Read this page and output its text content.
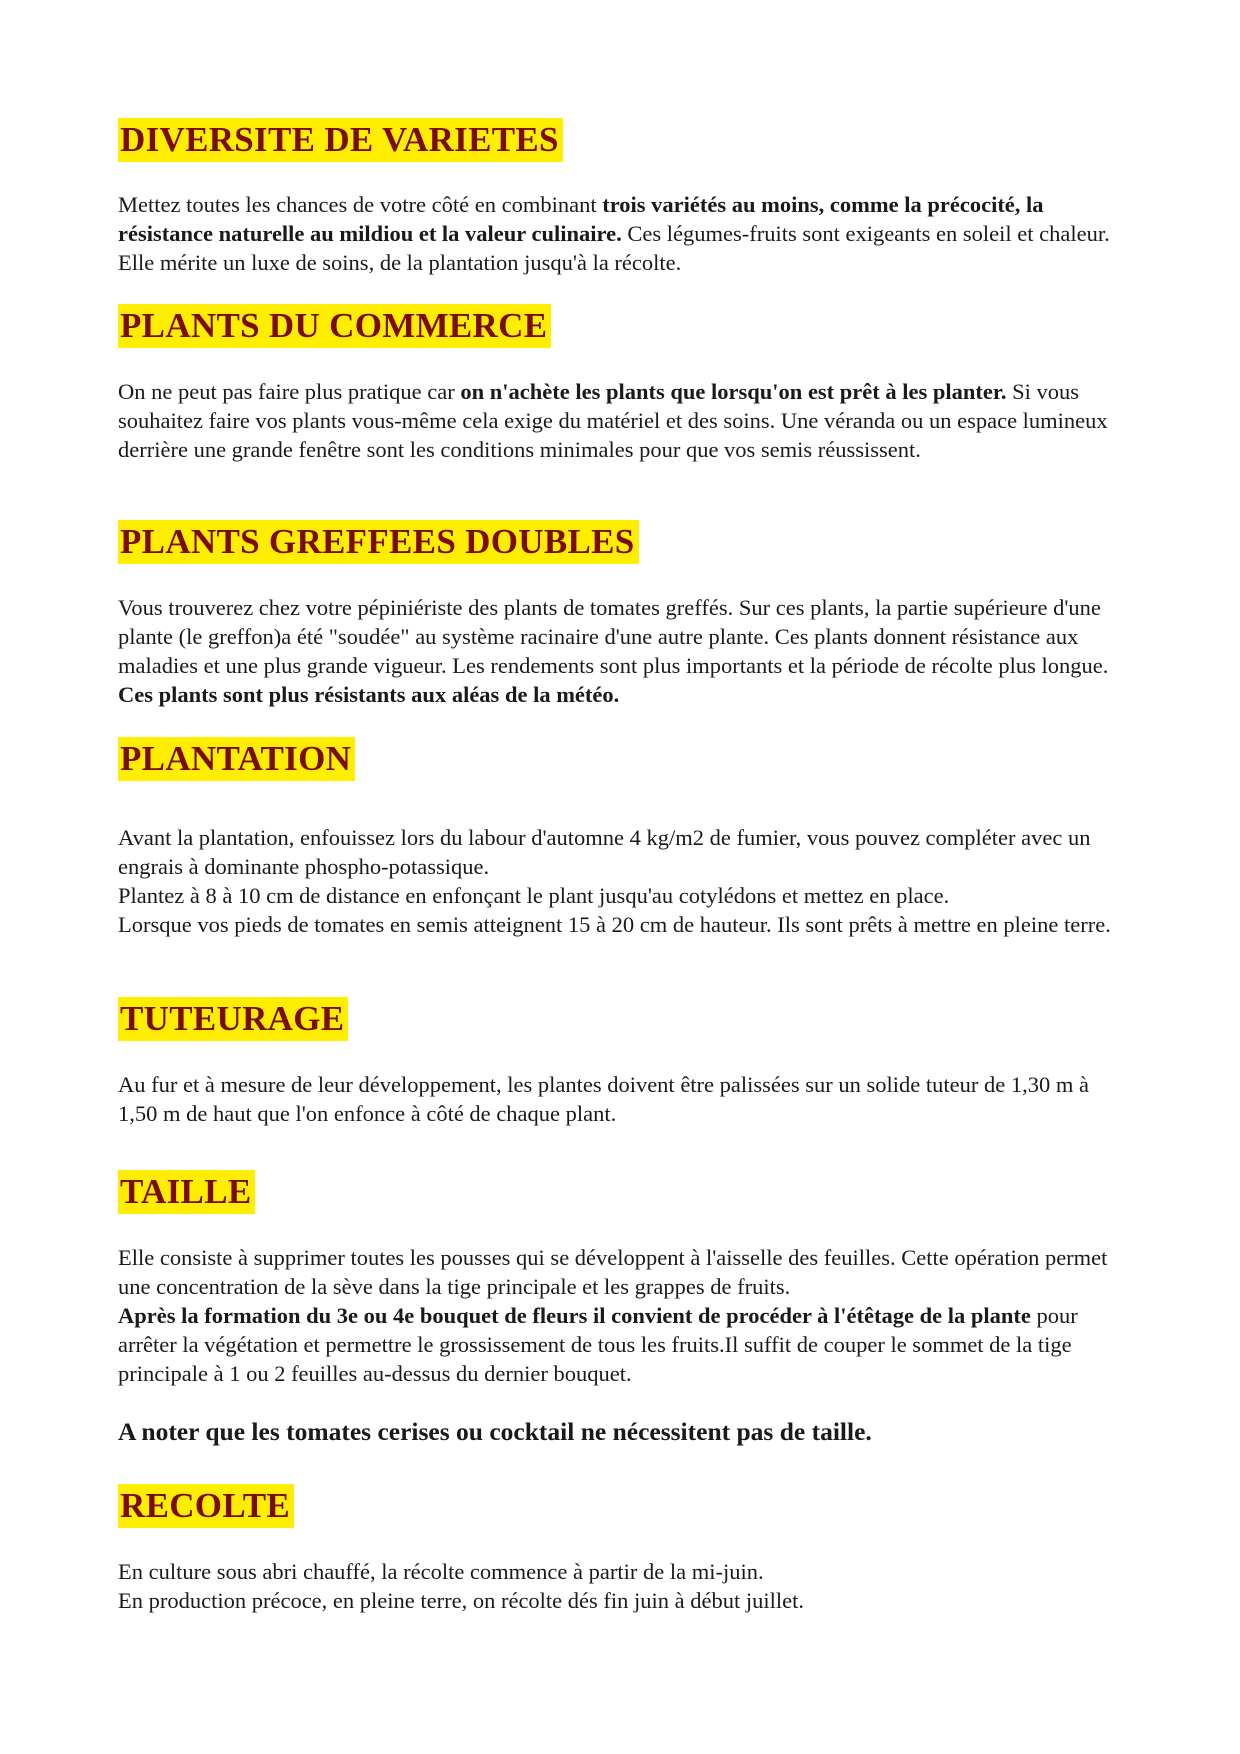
DIVERSITE DE VARIETES

Mettez toutes les chances de votre côté en combinant trois variétés au moins, comme la précocité, la résistance naturelle au mildiou et la valeur culinaire. Ces légumes-fruits sont exigeants en soleil et chaleur. Elle mérite un luxe de soins, de la plantation jusqu'à la récolte.

PLANTS DU COMMERCE

On ne peut pas faire plus pratique car on n'achète les plants que lorsqu'on est prêt à les planter. Si vous souhaitez faire vos plants vous-même cela exige du matériel et des soins. Une véranda ou un espace lumineux derrière une grande fenêtre sont les conditions minimales pour que vos semis réussissent.

PLANTS GREFFEES DOUBLES

Vous trouverez chez votre pépiniériste des plants de tomates greffés. Sur ces plants, la partie supérieure d'une plante (le greffon)a été "soudée" au système racinaire d'une autre plante. Ces plants donnent résistance aux maladies et une plus grande vigueur. Les rendements sont plus importants et la période de récolte plus longue. Ces plants sont plus résistants aux aléas de la météo.

PLANTATION

Avant la plantation, enfouissez lors du labour d'automne 4 kg/m2 de fumier, vous pouvez compléter avec un engrais à dominante phospho-potassique.

Plantez à 8 à 10 cm de distance en enfonçant le plant jusqu'au cotylédons et mettez en place.

Lorsque vos pieds de tomates en semis atteignent 15 à 20 cm de hauteur. Ils sont prêts à mettre en pleine terre.

TUTEURAGE

Au fur et à mesure de leur développement, les plantes doivent être palissées sur un solide tuteur de 1,30 m à 1,50 m de haut que l'on enfonce à côté de chaque plant.

TAILLE

Elle consiste à supprimer toutes les pousses qui se développent à l'aisselle des feuilles. Cette opération permet une concentration de la sève dans la tige principale et les grappes de fruits.

Après la formation du 3e ou 4e bouquet de fleurs il convient de procéder à l'étêtage de la plante pour arrêter la végétation et permettre le grossissement de tous les fruits.Il suffit de couper le sommet de la tige principale à 1 ou 2 feuilles au-dessus du dernier bouquet.

A noter que les tomates cerises ou cocktail ne nécessitent pas de taille.

RECOLTE

En culture sous abri chauffé, la récolte commence à partir de la mi-juin.

En production précoce, en pleine terre, on récolte dés fin juin à début juillet.
